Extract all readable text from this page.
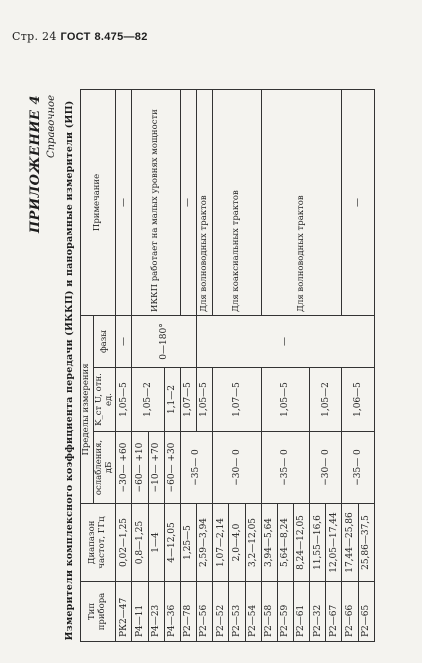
Стр. 24 ГОСТ 8.475—82
ПРИЛОЖЕНИЕ 4 Справочное Измерители комплексного коэффициента передачи (ИККП) и панорамные измерители (ИП) Тип прибора	Диапазон частот, ГГц	Пределы измерения			Примечание
		ослабления, дБ	K_ст U, отн. ед.	фазы	
РК2—47	0,02—1,25	−30— +60	1,05—5	—	—
Р4—11	0,8—1,25	−60— +10	1,05—2	0—180°	ИККП работает на малых уровнях мощности
Р4—23	1—4	−10— +70			
Р4—36	4—12,05	−60— +30	1,1—2		
Р2—78	1,25—5	−35— 0	1,07—5		—
Р2—56	2,59—3,94		1,05—5	—	Для волноводных трактов
Р2—52	1,07—2,14	−30— 0	1,07—5		Для коаксиальных трактов
Р2—53	2,0—4,0				
Р2—54	3,2—12,05				
Р2—58	3,94—5,64	−35— 0	1,05—5		Для волноводных трактов
Р2—59	5,64—8,24				
Р2—61	8,24—12,05				
Р2—32	11,55—16,6	−30— 0	1,05—2		
Р2—67	12,05—17,44				
Р2—66	17,44—25,86	−35— 0	1,06—5		—
Р2—65	25,86—37,5				
